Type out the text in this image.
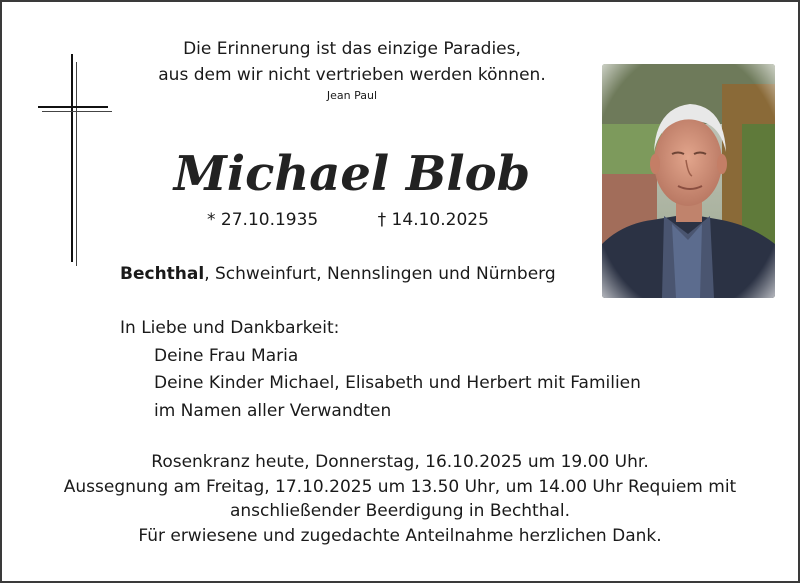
Die Erinnerung ist das einzige Paradies,
aus dem wir nicht vertrieben werden können.
Jean Paul
Michael Blob
* 27.10.1935	† 14.10.2025
Bechthal, Schweinfurt, Nennslingen und Nürnberg
In Liebe und Dankbarkeit:
Deine Frau Maria
Deine Kinder Michael, Elisabeth und Herbert mit Familien
im Namen aller Verwandten
Rosenkranz heute, Donnerstag, 16.10.2025 um 19.00 Uhr.
Aussegnung am Freitag, 17.10.2025 um 13.50 Uhr, um 14.00 Uhr Requiem mit
anschließender Beerdigung in Bechthal.
Für erwiesene und zugedachte Anteilnahme herzlichen Dank.
